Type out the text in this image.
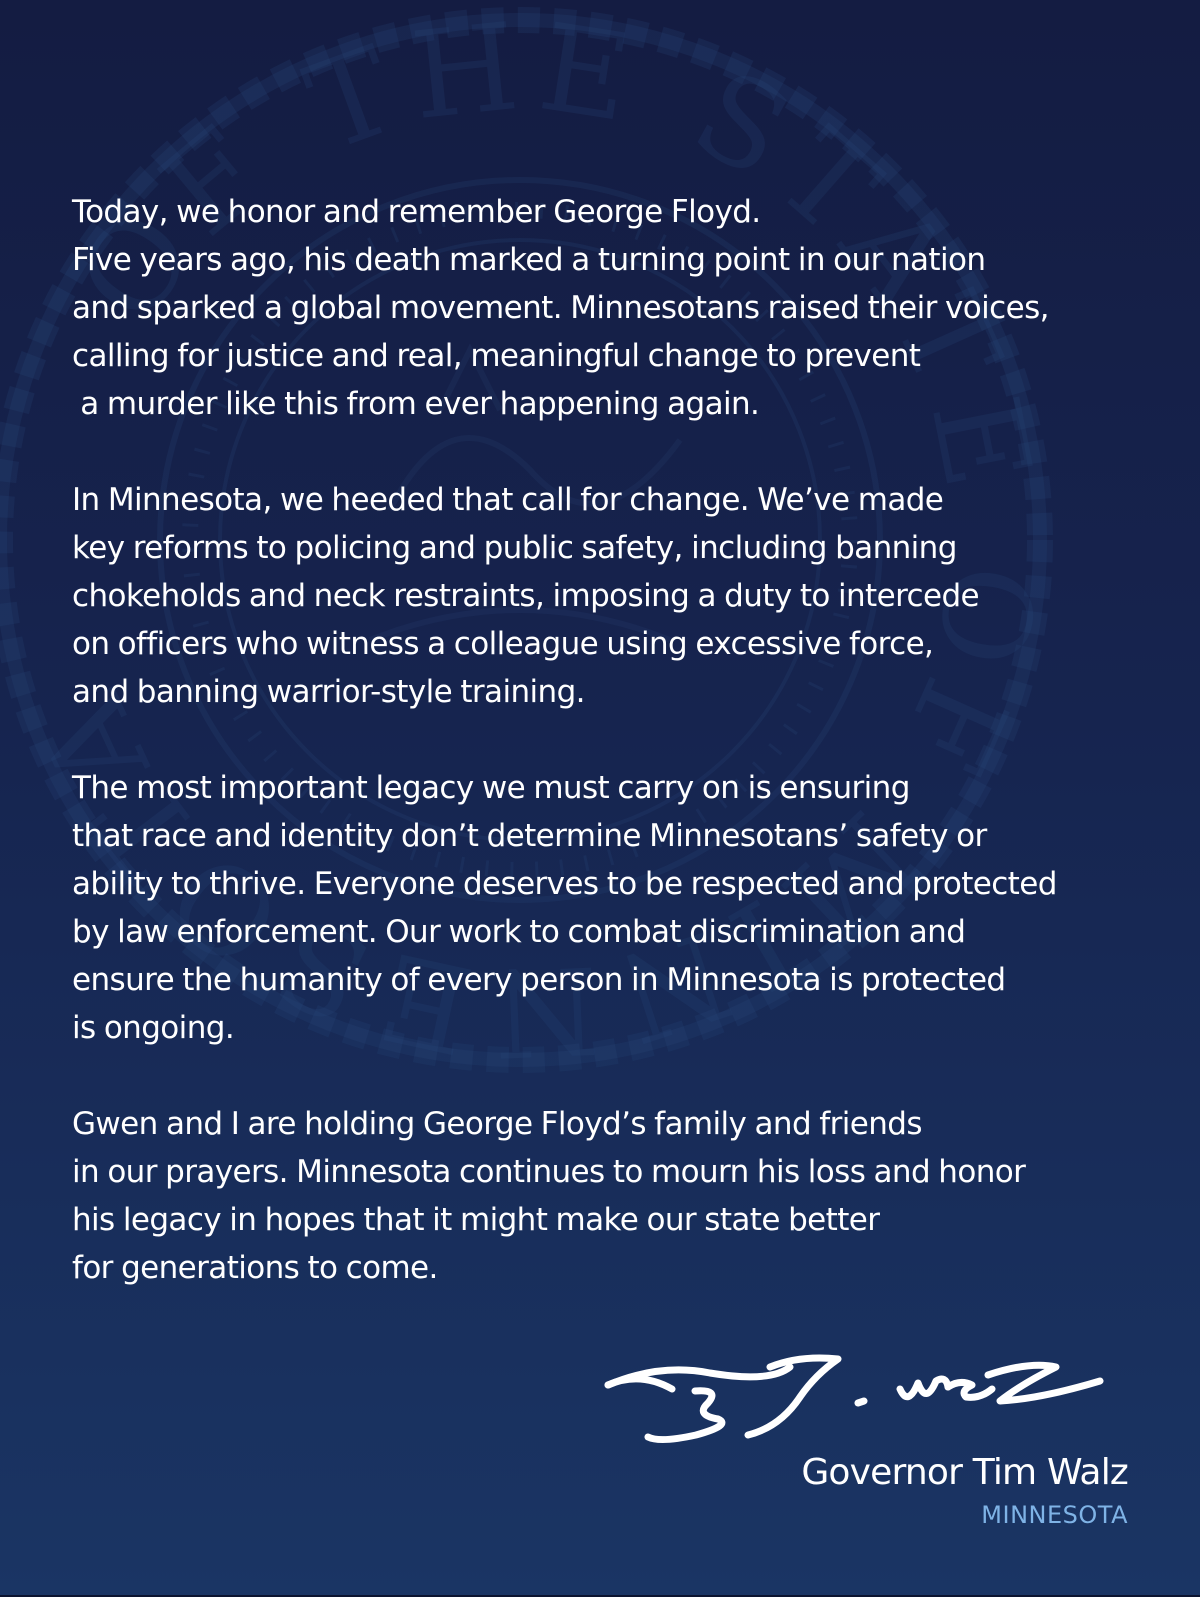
OF THE STATE OF MINNESOTA

Today, we honor and remember George Floyd.
Five years ago, his death marked a turning point in our nation
and sparked a global movement. Minnesotans raised their voices,
calling for justice and real, meaningful change to prevent
a murder like this from ever happening again.

In Minnesota, we heeded that call for change. We’ve made
key reforms to policing and public safety, including banning
chokeholds and neck restraints, imposing a duty to intercede
on officers who witness a colleague using excessive force,
and banning warrior-style training.

The most important legacy we must carry on is ensuring
that race and identity don’t determine Minnesotans’ safety or
ability to thrive. Everyone deserves to be respected and protected
by law enforcement. Our work to combat discrimination and
ensure the humanity of every person in Minnesota is protected
is ongoing.

Gwen and I are holding George Floyd’s family and friends
in our prayers. Minnesota continues to mourn his loss and honor
his legacy in hopes that it might make our state better
for generations to come.

Governor Tim Walz
MINNESOTA
